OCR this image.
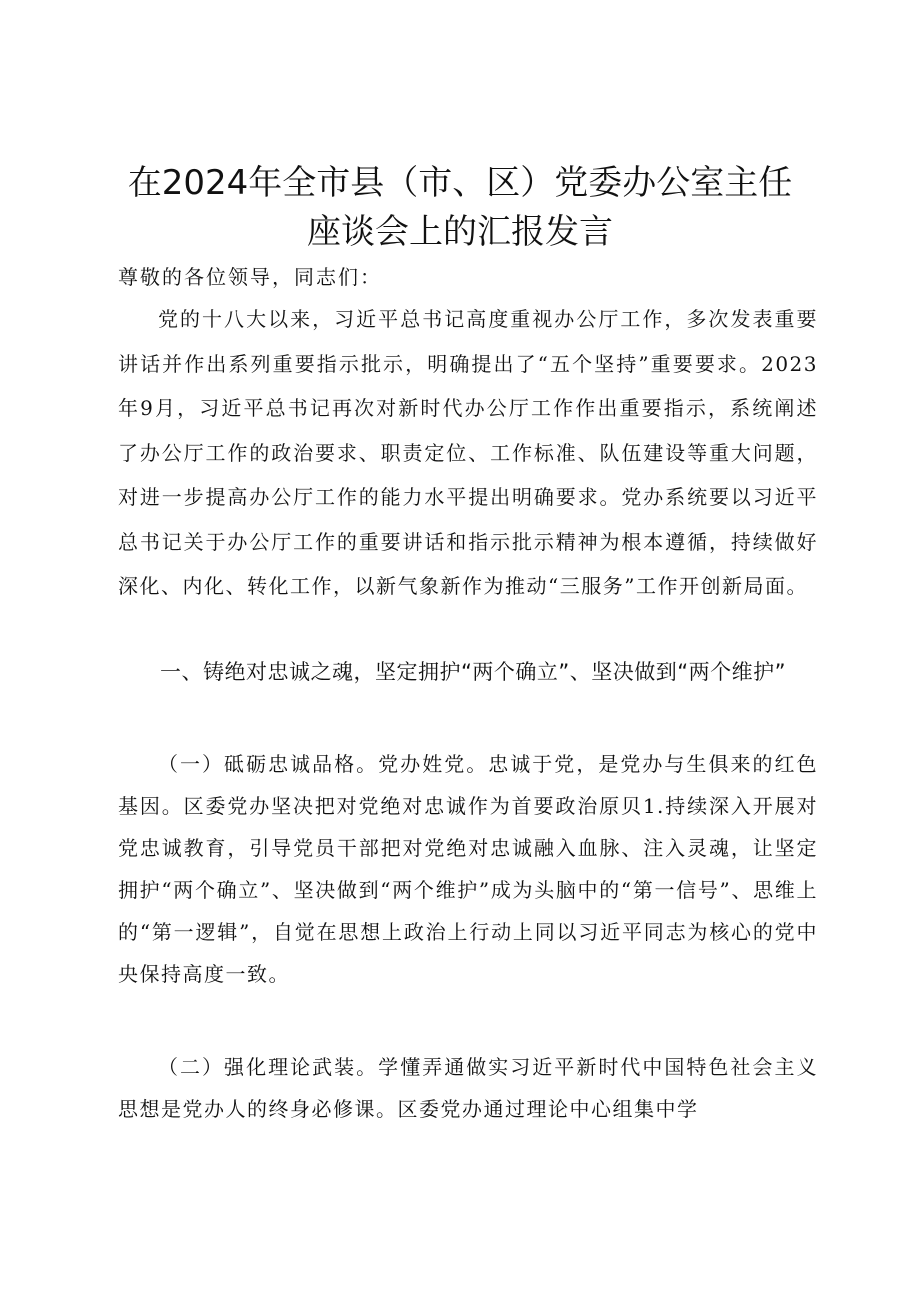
在2024年全市县（市、区）党委办公室主任
座谈会上的汇报发言
尊敬的各位领导，同志们：

党的十八大以来，习近平总书记高度重视办公厅工作，多次发表重要讲话并作出系列重要指示批示，明确提出了“五个坚持”重要要求。2023年9月，习近平总书记再次对新时代办公厅工作作出重要指示，系统阐述了办公厅工作的政治要求、职责定位、工作标准、队伍建设等重大问题，对进一步提高办公厅工作的能力水平提出明确要求。党办系统要以习近平总书记关于办公厅工作的重要讲话和指示批示精神为根本遵循，持续做好深化、内化、转化工作，以新气象新作为推动“三服务”工作开创新局面。

一、铸绝对忠诚之魂，坚定拥护“两个确立”、坚决做到“两个维护”

（一）砥砺忠诚品格。党办姓党。忠诚于党，是党办与生俱来的红色基因。区委党办坚决把对党绝对忠诚作为首要政治原贝1.持续深入开展对党忠诚教育，引导党员干部把对党绝对忠诚融入血脉、注入灵魂，让坚定拥护“两个确立”、坚决做到“两个维护”成为头脑中的“第一信号”、思维上的“第一逻辑”，自觉在思想上政治上行动上同以习近平同志为核心的党中央保持高度一致。

（二）强化理论武装。学懂弄通做实习近平新时代中国特色社会主义思想是党办人的终身必修课。区委党办通过理论中心组集中学
